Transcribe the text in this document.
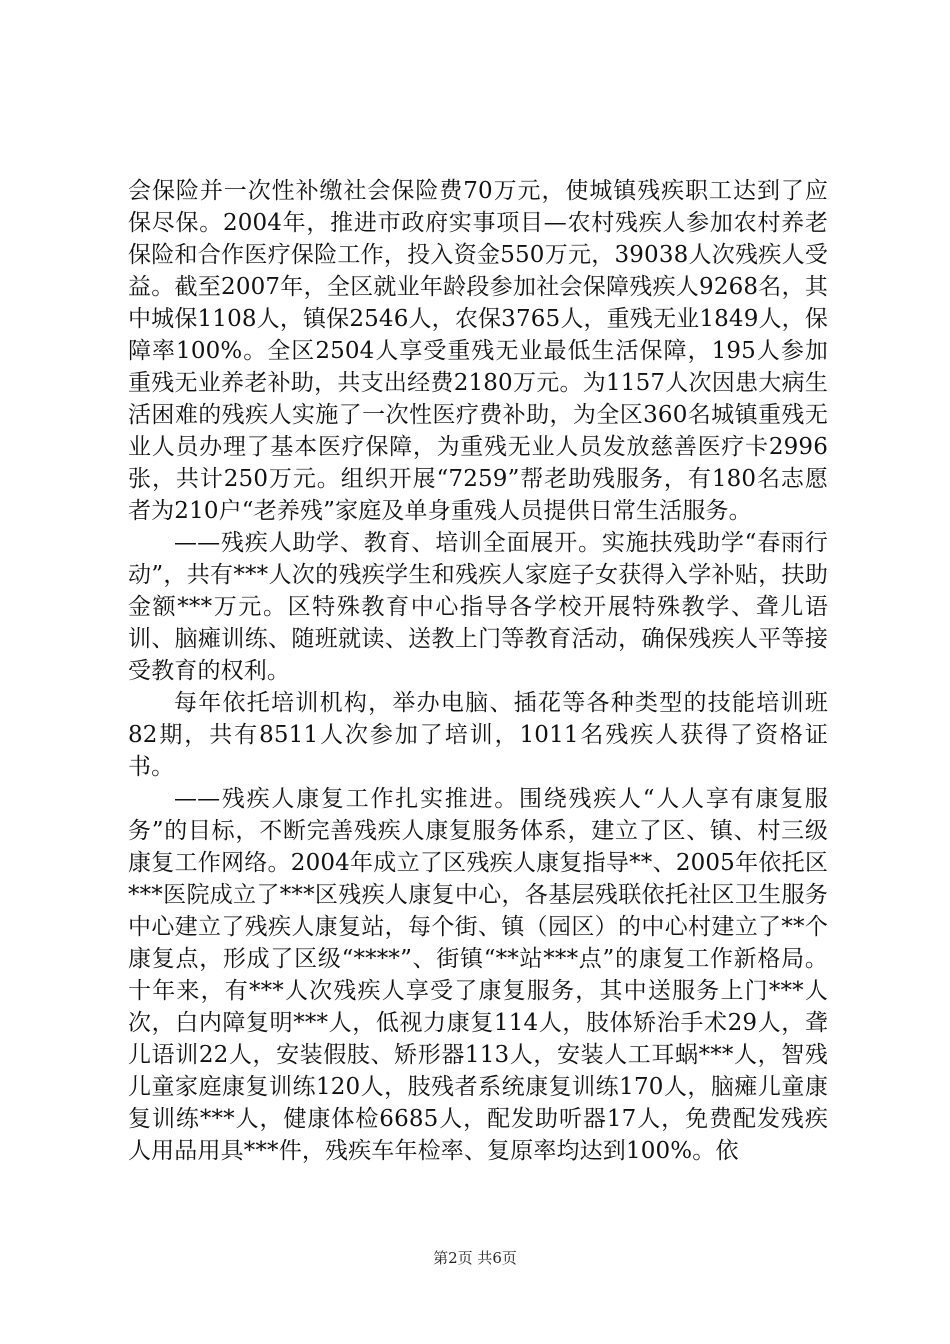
会保险并一次性补缴社会保险费70万元，使城镇残疾职工达到了应保尽保。2004年，推进市政府实事项目—农村残疾人参加农村养老保险和合作医疗保险工作，投入资金550万元，39038人次残疾人受益。截至2007年，全区就业年龄段参加社会保障残疾人9268名，其中城保1108人，镇保2546人，农保3765人，重残无业1849人，保障率100%。全区2504人享受重残无业最低生活保障，195人参加重残无业养老补助，共支出经费2180万元。为1157人次因患大病生活困难的残疾人实施了一次性医疗费补助，为全区360名城镇重残无业人员办理了基本医疗保障，为重残无业人员发放慈善医疗卡2996张，共计250万元。组织开展“7259”帮老助残服务，有180名志愿者为210户“老养残”家庭及单身重残人员提供日常生活服务。

——残疾人助学、教育、培训全面展开。实施扶残助学“春雨行动”，共有***人次的残疾学生和残疾人家庭子女获得入学补贴，扶助金额***万元。区特殊教育中心指导各学校开展特殊教学、聋儿语训、脑瘫训练、随班就读、送教上门等教育活动，确保残疾人平等接受教育的权利。

每年依托培训机构，举办电脑、插花等各种类型的技能培训班82期，共有8511人次参加了培训，1011名残疾人获得了资格证书。

——残疾人康复工作扎实推进。围绕残疾人“人人享有康复服务”的目标，不断完善残疾人康复服务体系，建立了区、镇、村三级康复工作网络。2004年成立了区残疾人康复指导**、2005年依托区***医院成立了***区残疾人康复中心，各基层残联依托社区卫生服务中心建立了残疾人康复站，每个街、镇（园区）的中心村建立了**个康复点，形成了区级“****”、街镇“**站***点”的康复工作新格局。十年来，有***人次残疾人享受了康复服务，其中送服务上门***人次，白内障复明***人，低视力康复114人，肢体矫治手术29人，聋儿语训22人，安装假肢、矫形器113人，安装人工耳蜗***人，智残儿童家庭康复训练120人，肢残者系统康复训练170人，脑瘫儿童康复训练***人，健康体检6685人，配发助听器17人，免费配发残疾人用品用具***件，残疾车年检率、复原率均达到100%。依

第2页 共6页
